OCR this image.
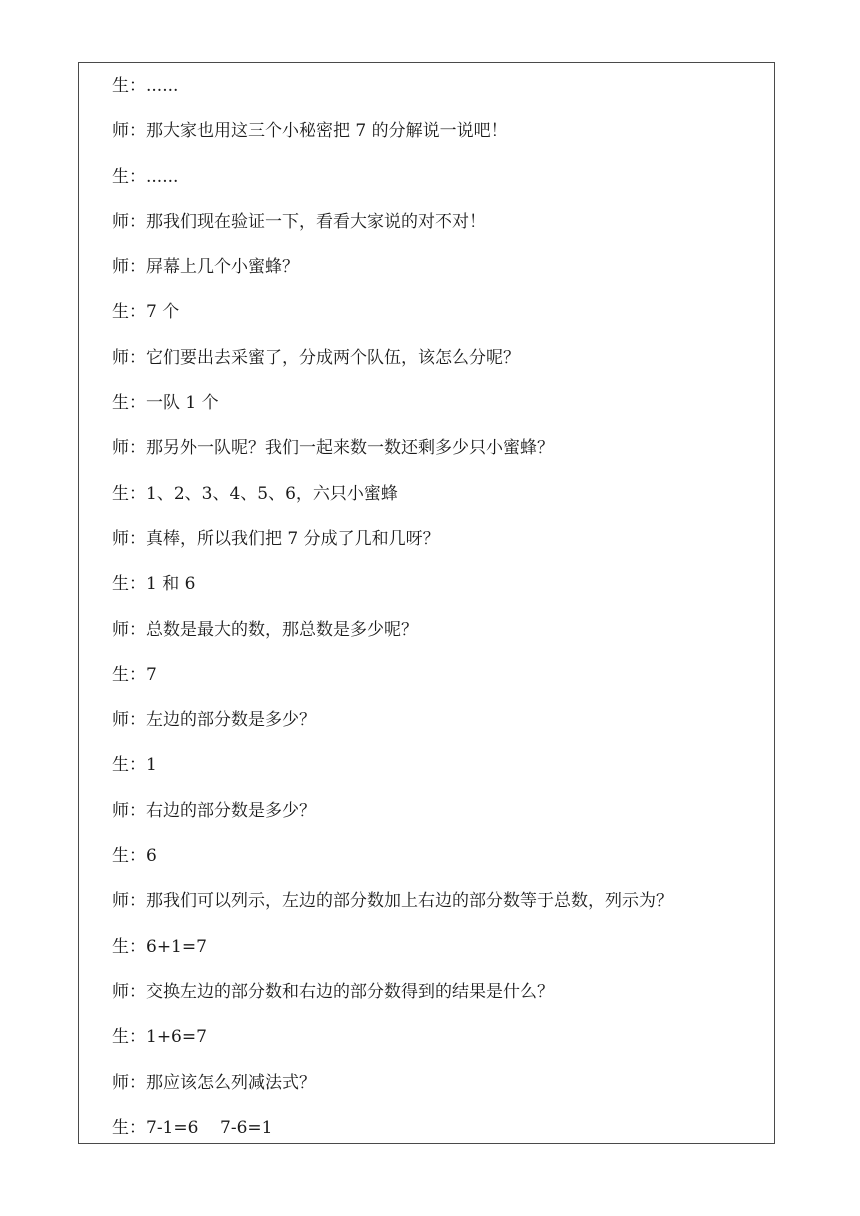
生：......
师：那大家也用这三个小秘密把 7 的分解说一说吧！
生：......
师：那我们现在验证一下，看看大家说的对不对！
师：屏幕上几个小蜜蜂？
生：7 个
师：它们要出去采蜜了，分成两个队伍，该怎么分呢？
生：一队 1 个
师：那另外一队呢？我们一起来数一数还剩多少只小蜜蜂？
生：1、2、3、4、5、6，六只小蜜蜂
师：真棒，所以我们把 7 分成了几和几呀？
生：1 和 6
师：总数是最大的数，那总数是多少呢？
生：7
师：左边的部分数是多少？
生：1
师：右边的部分数是多少？
生：6
师：那我们可以列示，左边的部分数加上右边的部分数等于总数，列示为？
生：6+1=7
师：交换左边的部分数和右边的部分数得到的结果是什么？
生：1+6=7
师：那应该怎么列减法式？
生：7-1=6    7-6=1
